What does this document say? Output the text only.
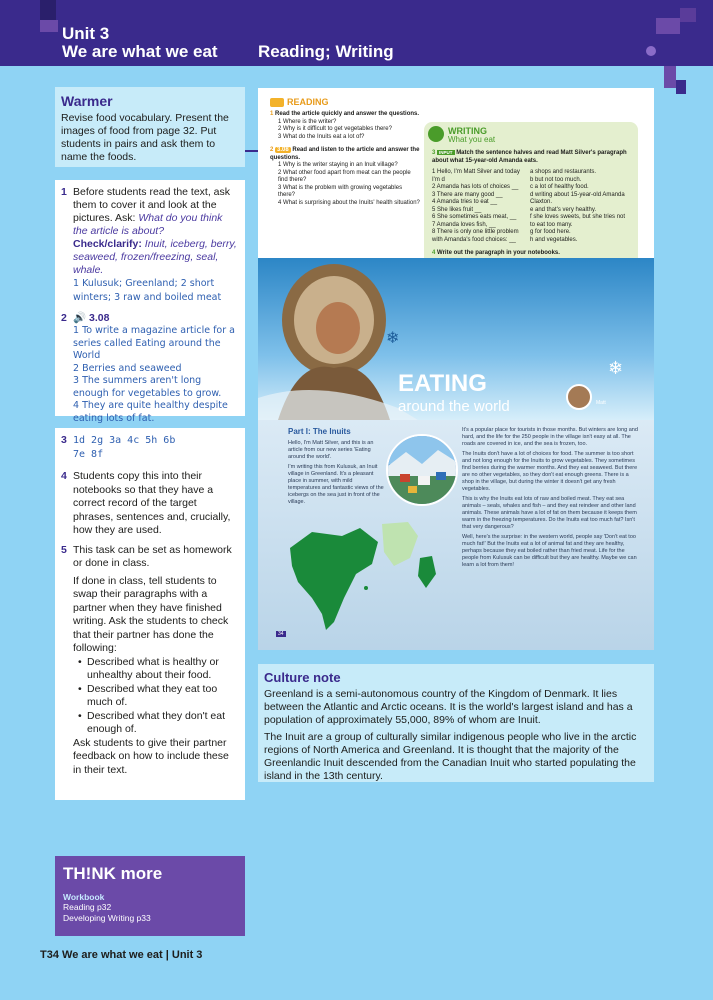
Unit 3
We are what we eat Reading; Writing
Warmer

Revise food vocabulary. Present the images of food from page 32. Put students in pairs and ask them to name the foods.

1 Before students read the text, ask them to cover it and look at the pictures. Ask: What do you think the article is about?
Check/clarify: Inuit, iceberg, berry, seaweed, frozen/freezing, seal, whale.
1 Kulusuk; Greenland; 2 short winters; 3 raw and boiled meat
2 🔊 3.08
1 To write a magazine article for a series called Eating around the World
2 Berries and seaweed
3 The summers aren't long enough for vegetables to grow.
4 They are quite healthy despite eating lots of fat.
3 1d 2g 3a 4c 5h 6b
7e 8f
4 Students copy this into their notebooks so that they have a correct record of the target phrases, sentences and, crucially, how they are used.
5 This task can be set as homework or done in class.
If done in class, tell students to swap their paragraphs with a partner when they have finished writing. Ask the students to check that their partner has done the following:
• Described what is healthy or unhealthy about their food.
• Described what they eat too much of.
• Described what they don't eat enough of.
Ask students to give their partner feedback on how to include these in their text.
TH!NK more
Workbook
Reading p32
Developing Writing p33
T34 We are what we eat | Unit 3
READING
1 Read the article quickly and answer the questions.
1 Where is the writer?
2 Why is it difficult to get vegetables there?
3 What do the Inuits eat a lot of?
2 3.08 Read and listen to the article and answer the questions.
1 Why is the writer staying in an Inuit village?
2 What other food apart from meat can the people find there?
3 What is the problem with growing vegetables there?
4 What is surprising about the Inuits' health situation?
WRITING
What you eat
3 INPUT Match the sentence halves and read Matt Silver's paragraph about what 15-year-old Amanda eats.
1 Hello, I'm Matt Silver and today I'm d
2 Amanda has lots of choices __
3 There are many good __
4 Amanda tries to eat __
5 She likes fruit __
6 She sometimes eats meat, __
7 Amanda loves fish, __
8 There is only one little problem with Amanda's food choices: __
a shops and restaurants.
b but not too much.
c a lot of healthy food.
d writing about 15-year-old Amanda Claxton.
e and that's very healthy.
f she loves sweets, but she tries not to eat too many.
g for food here.
h and vegetables.
4 Write out the paragraph in your notebooks.
❄
❄
EATING
around the world	Matt
Part I: The Inuits

Hello, I'm Matt Silver, and this is an article from our new series 'Eating around the world'.

I'm writing this from Kulusuk, an Inuit village in Greenland. It's a pleasant place in summer, with mild temperatures and fantastic views of the icebergs on the sea just in front of the village.

It's a popular place for tourists in those months. But winters are long and hard, and the life for the 250 people in the village isn't easy at all. The roads are covered in ice, and the sea is frozen, too.

The Inuits don't have a lot of choices for food. The summer is too short and not long enough for the Inuits to grow vegetables. They sometimes find berries during the warmer months. And they eat seaweed. But there are no other vegetables, so they don't eat enough greens. There is a shop in the village, but during the winter it doesn't get any fresh vegetables.

This is why the Inuits eat lots of raw and boiled meat. They eat sea animals – seals, whales and fish – and they eat reindeer and other land animals. These animals have a lot of fat on them because it keeps them warm in the freezing temperatures. Do the Inuits eat too much fat? Isn't that very dangerous?

Well, here's the surprise: in the western world, people say 'Don't eat too much fat!' But the Inuits eat a lot of animal fat and they are healthy, perhaps because they eat boiled rather than fried meat. Life for the people from Kulusuk can be difficult but they are healthy. Maybe we can learn a lot from them!

34
Culture note

Greenland is a semi-autonomous country of the Kingdom of Denmark. It lies between the Atlantic and Arctic oceans. It is the world's largest island and has a population of approximately 55,000, 89% of whom are Inuit.

The Inuit are a group of culturally similar indigenous people who live in the arctic regions of North America and Greenland. It is thought that the majority of the Greenlandic Inuit descended from the Canadian Inuit who started populating the island in the 13th century.
